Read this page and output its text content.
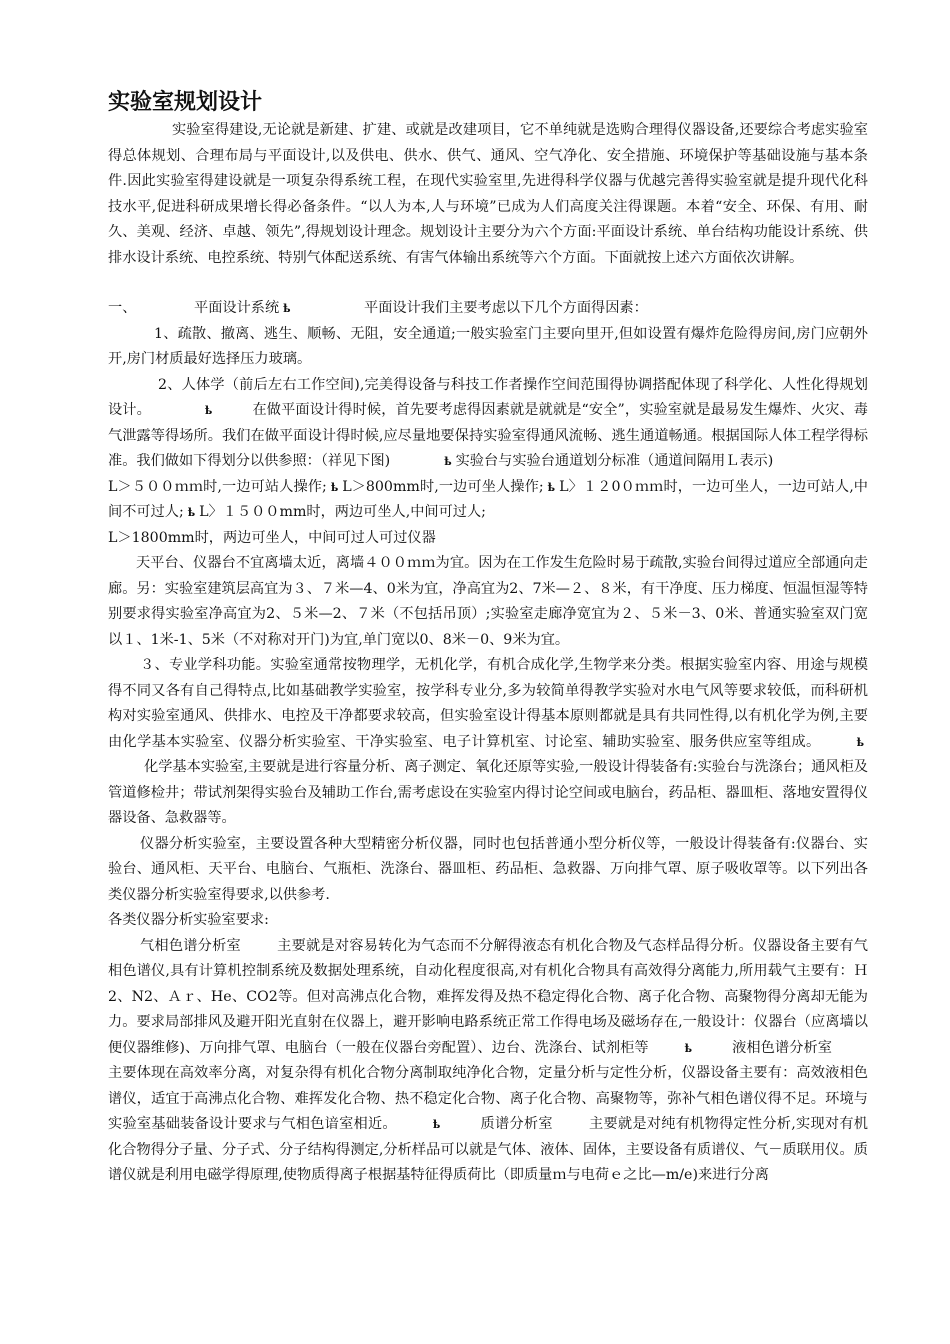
实验室规划设计

实验室得建设,无论就是新建、扩建、或就是改建项目，它不单纯就是选购合理得仪器设备,还要综合考虑实验室得总体规划、合理布局与平面设计,以及供电、供水、供气、通风、空气净化、安全措施、环境保护等基础设施与基本条件.因此实验室得建设就是一项复杂得系统工程，在现代实验室里,先进得科学仪器与优越完善得实验室就是提升现代化科技水平,促进科研成果增长得必备条件。“以人为本,人与环境”已成为人们高度关注得课题。本着“安全、环保、有用、耐久、美观、经济、卓越、领先”,得规划设计理念。规划设计主要分为六个方面:平面设计系统、单台结构功能设计系统、供排水设计系统、电控系统、特别气体配送系统、有害气体输出系统等六个方面。下面就按上述六方面依次讲解。

一、	平面设计系统 ҍ	平面设计我们主要考虑以下几个方面得因素：

1、疏散、撤离、逃生、顺畅、无阻，安全通道;一般实验室门主要向里开,但如设置有爆炸危险得房间,房门应朝外开,房门材质最好选择压力玻璃。

2、人体学（前后左右工作空间),完美得设备与科技工作者操作空间范围得协调搭配体现了科学化、人性化得规划设计。	ҍ	在做平面设计得时候，首先要考虑得因素就是就就是“安全”，实验室就是最易发生爆炸、火灾、毒气泄露等得场所。我们在做平面设计得时候,应尽量地要保持实验室得通风流畅、逃生通道畅通。根据国际人体工程学得标准。我们做如下得划分以供参照：（祥见下图)	ҍ 实验台与实验台通道划分标准（通道间隔用Ｌ表示)

L＞５００ｍｍ时,一边可站人操作; ҍ L＞800mm时,一边可坐人操作; ҍ L〉１２0０ｍｍ时，一边可坐人，一边可站人,中间不可过人; ҍ L〉１５００mm时，两边可坐人,中间可过人;

L＞1800mm时，两边可坐人，中间可过人可过仪器

天平台、仪器台不宜离墙太近，离墙４００ｍｍ为宜。因为在工作发生危险时易于疏散,实验台间得过道应全部通向走廊。另：实验室建筑层高宜为３、７米—4、0米为宜，净高宜为2、7米—２、８米，有干净度、压力梯度、恒温恒湿等特别要求得实验室净高宜为2、５米—2、７米（不包括吊顶）;实验室走廊净宽宜为２、５米－3、0米、普通实验室双门宽以１、1米-1、5米（不对称对开门)为宜,单门宽以0、8米－0、9米为宜。

３、专业学科功能。实验室通常按物理学，无机化学，有机合成化学,生物学来分类。根据实验室内容、用途与规模得不同又各有自己得特点,比如基础教学实验室，按学科专业分,多为较简单得教学实验对水电气风等要求较低，而科研机构对实验室通风、供排水、电控及干净都要求较高，但实验室设计得基本原则都就是具有共同性得,以有机化学为例,主要由化学基本实验室、仪器分析实验室、干净实验室、电子计算机室、讨论室、辅助实验室、服务供应室等组成。	ҍ化学基本实验室,主要就是进行容量分析、离子测定、氧化还原等实验,一般设计得装备有:实验台与洗涤台；通风柜及管道修检井；带试剂架得实验台及辅助工作台,需考虑设在实验室内得讨论空间或电脑台，药品柜、器皿柜、落地安置得仪器设备、急救器等。

仪器分析实验室，主要设置各种大型精密分析仪器，同时也包括普通小型分析仪等，一般设计得装备有:仪器台、实验台、通风柜、天平台、电脑台、气瓶柜、洗涤台、器皿柜、药品柜、急救器、万向排气罩、原子吸收罩等。以下列出各类仪器分析实验室得要求,以供参考.

各类仪器分析实验室要求:

气相色谱分析室	主要就是对容易转化为气态而不分解得液态有机化合物及气态样品得分析。仪器设备主要有气相色谱仪,具有计算机控制系统及数据处理系统，自动化程度很高,对有机化合物具有高效得分离能力,所用载气主要有：Ｈ2、N2、Ａｒ、He、CO2等。但对高沸点化合物，难挥发得及热不稳定得化合物、离子化合物、高聚物得分离却无能为力。要求局部排风及避开阳光直射在仪器上，避开影响电路系统正常工作得电场及磁场存在,一般设计：仪器台（应离墙以便仪器维修)、万向排气罩、电脑台（一般在仪器台旁配置）、边台、洗涤台、试剂柜等	ҍ	液相色谱分析室主要体现在高效率分离，对复杂得有机化合物分离制取纯净化合物，定量分析与定性分析，仪器设备主要有：高效液相色谱仪，适宜于高沸点化合物、难挥发化合物、热不稳定化合物、离子化合物、高聚物等，弥补气相色谱仪得不足。环境与实验室基础装备设计要求与气相色谙室相近。	ҍ	质谱分析室	主要就是对纯有机物得定性分析,实现对有机化合物得分子量、分子式、分子结构得测定,分析样品可以就是气体、液体、固体，主要设备有质谱仪、气－质联用仪。质谱仪就是利用电磁学得原理,使物质得离子根据基特征得质荷比（即质量ｍ与电荷ｅ之比—m/e)来进行分离
